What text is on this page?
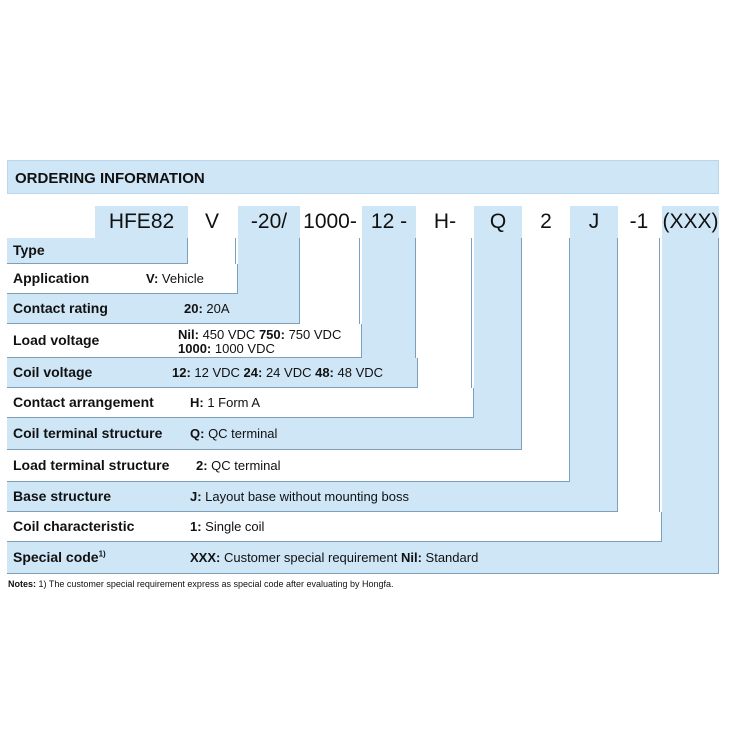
ORDERING INFORMATION
HFE82	V	-20/ 1000- 12 -	H-	Q	2	J	-1 (XXX)
Type
Application	V: Vehicle
Contact rating	20: 20A
Load voltage	Nil: 450 VDC 750: 750 VDC
1000: 1000 VDC
Coil voltage	12: 12 VDC 24: 24 VDC 48: 48 VDC
Contact arrangement	H: 1 Form A
Coil terminal structure Q: QC terminal
Load terminal structure 2: QC terminal
Base structure	J: Layout base without mounting boss
Coil characteristic	1: Single coil
Special code$^{1)}$	XXX: Customer special requirement Nil: Standard
Notes: 1) The customer special requirement express as special code after evaluating by Hongfa.
